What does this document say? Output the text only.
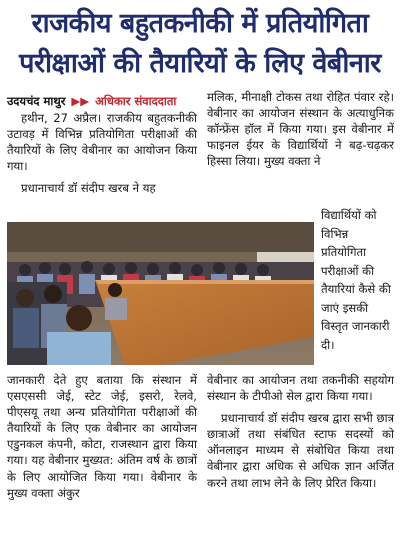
राजकीय बहुतकनीकी में प्रतियोगिता
परीक्षाओं की तैयारियों के लिए वेबीनार
उदयचंद माथुर ▶▶ अधिकार संवाददाता

हथीन, 27 अप्रैल। राजकीय बहुतकनीकी उटावड़ में विभिन्न प्रतियोगिता परीक्षाओं की तैयारियों के लिए वेबीनार का आयोजन किया गया।

प्रधानाचार्य डॉ संदीप खरब ने यह

मलिक, मीनाक्षी टोकस तथा रोहित पंवार रहे। वेबीनार का आयोजन संस्थान के अत्याधुनिक कॉन्फ्रेंस हॉल में किया गया। इस वेबीनार में फाइनल ईयर के विद्यार्थियों ने बढ़-चढ़कर हिस्सा लिया। मुख्य वक्ता ने

विद्यार्थियों को विभिन्न प्रतियोगिता परीक्षाओं की तैयारियां कैसे की जाएं इसकी विस्तृत जानकारी दी।

जानकारी देते हुए बताया कि संस्थान में एसएससी जेई, स्टेट जेई, इसरो, रेलवे, पीएसयू तथा अन्य प्रतियोगिता परीक्षाओं की तैयारियों के लिए एक वेबीनार का आयोजन एडुनकल कंपनी, कोटा, राजस्थान द्वारा किया गया। यह वेबीनार मुख्यत: अंतिम वर्ष के छात्रों के लिए आयोजित किया गया। वेबीनार के मुख्य वक्ता अंकुर

वेबीनार का आयोजन तथा तकनीकी सहयोग संस्थान के टीपीओ सेल द्वारा किया गया।

प्रधानाचार्य डॉ संदीप खरब द्वारा सभी छात्र छात्राओं तथा संबंधित स्टाफ सदस्यों को ऑनलाइन माध्यम से संबोधित किया तथा वेबीनार द्वारा अधिक से अधिक ज्ञान अर्जित करने तथा लाभ लेने के लिए प्रेरित किया।
